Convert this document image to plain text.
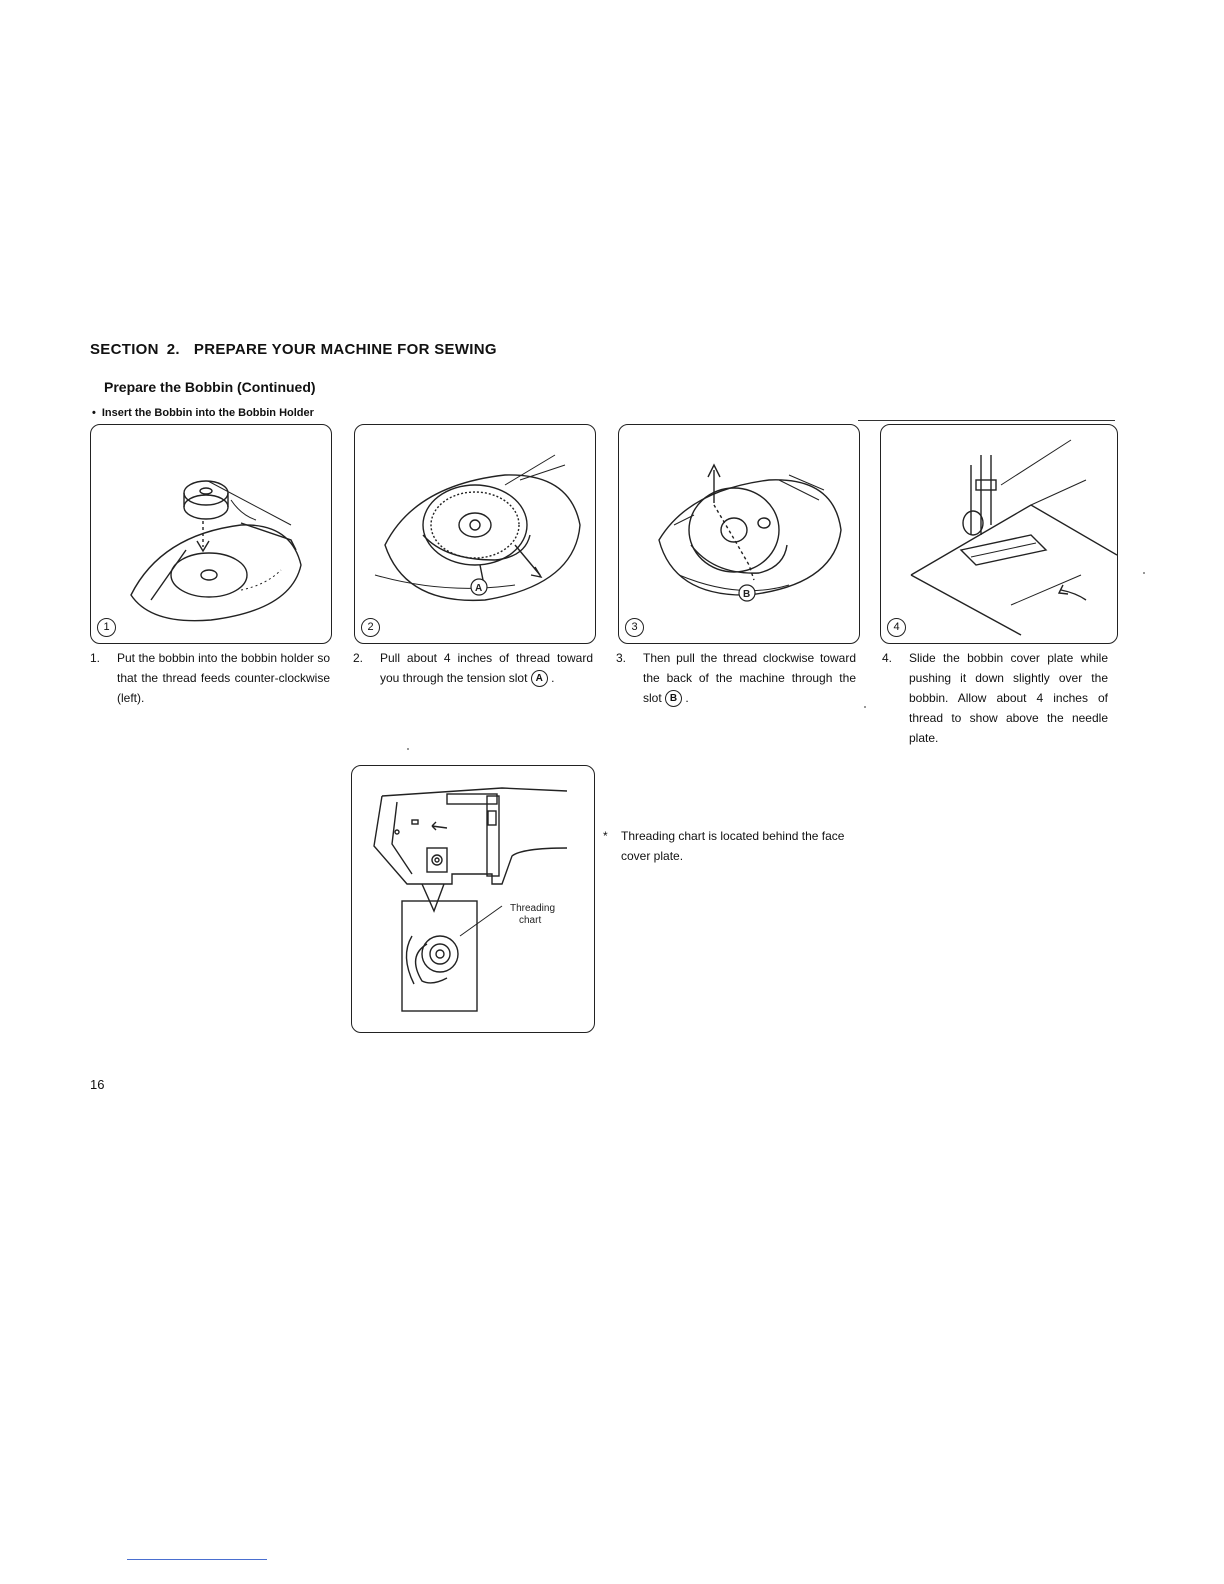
SECTION 2. PREPARE YOUR MACHINE FOR SEWING
Prepare the Bobbin (Continued)
• Insert the Bobbin into the Bobbin Holder
1
A
2
B
3	4
1. Put the bobbin into the bobbin holder so that the thread feeds counter-clockwise (left).
2. Pull about 4 inches of thread toward you through the tension slot A .
3. Then pull the thread clockwise toward the back of the machine through the slot B .
4. Slide the bobbin cover plate while pushing it down slightly over the bobbin. Allow about 4 inches of thread to show above the needle plate.
Threading
chart
* Threading chart is located behind the face cover plate.
16
